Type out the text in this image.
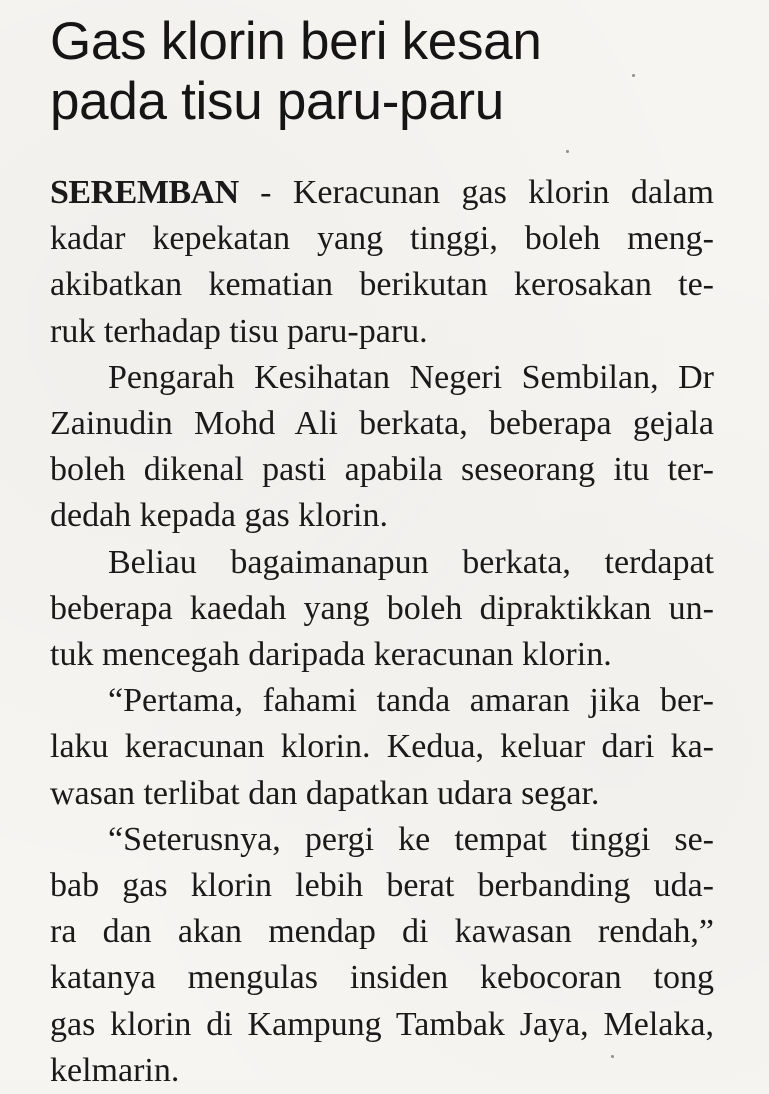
Gas klorin beri kesan
pada tisu paru-paru

SEREMBAN - Keracunan gas klorin dalam
kadar kepekatan yang tinggi, boleh meng-
akibatkan kematian berikutan kerosakan te-
ruk terhadap tisu paru-paru.

Pengarah Kesihatan Negeri Sembilan, Dr
Zainudin Mohd Ali berkata, beberapa gejala
boleh dikenal pasti apabila seseorang itu ter-
dedah kepada gas klorin.

Beliau bagaimanapun berkata, terdapat
beberapa kaedah yang boleh dipraktikkan un-
tuk mencegah daripada keracunan klorin.

“Pertama, fahami tanda amaran jika ber-
laku keracunan klorin. Kedua, keluar dari ka-
wasan terlibat dan dapatkan udara segar.

“Seterusnya, pergi ke tempat tinggi se-
bab gas klorin lebih berat berbanding uda-
ra dan akan mendap di kawasan rendah,”
katanya mengulas insiden kebocoran tong
gas klorin di Kampung Tambak Jaya, Melaka,
kelmarin.
